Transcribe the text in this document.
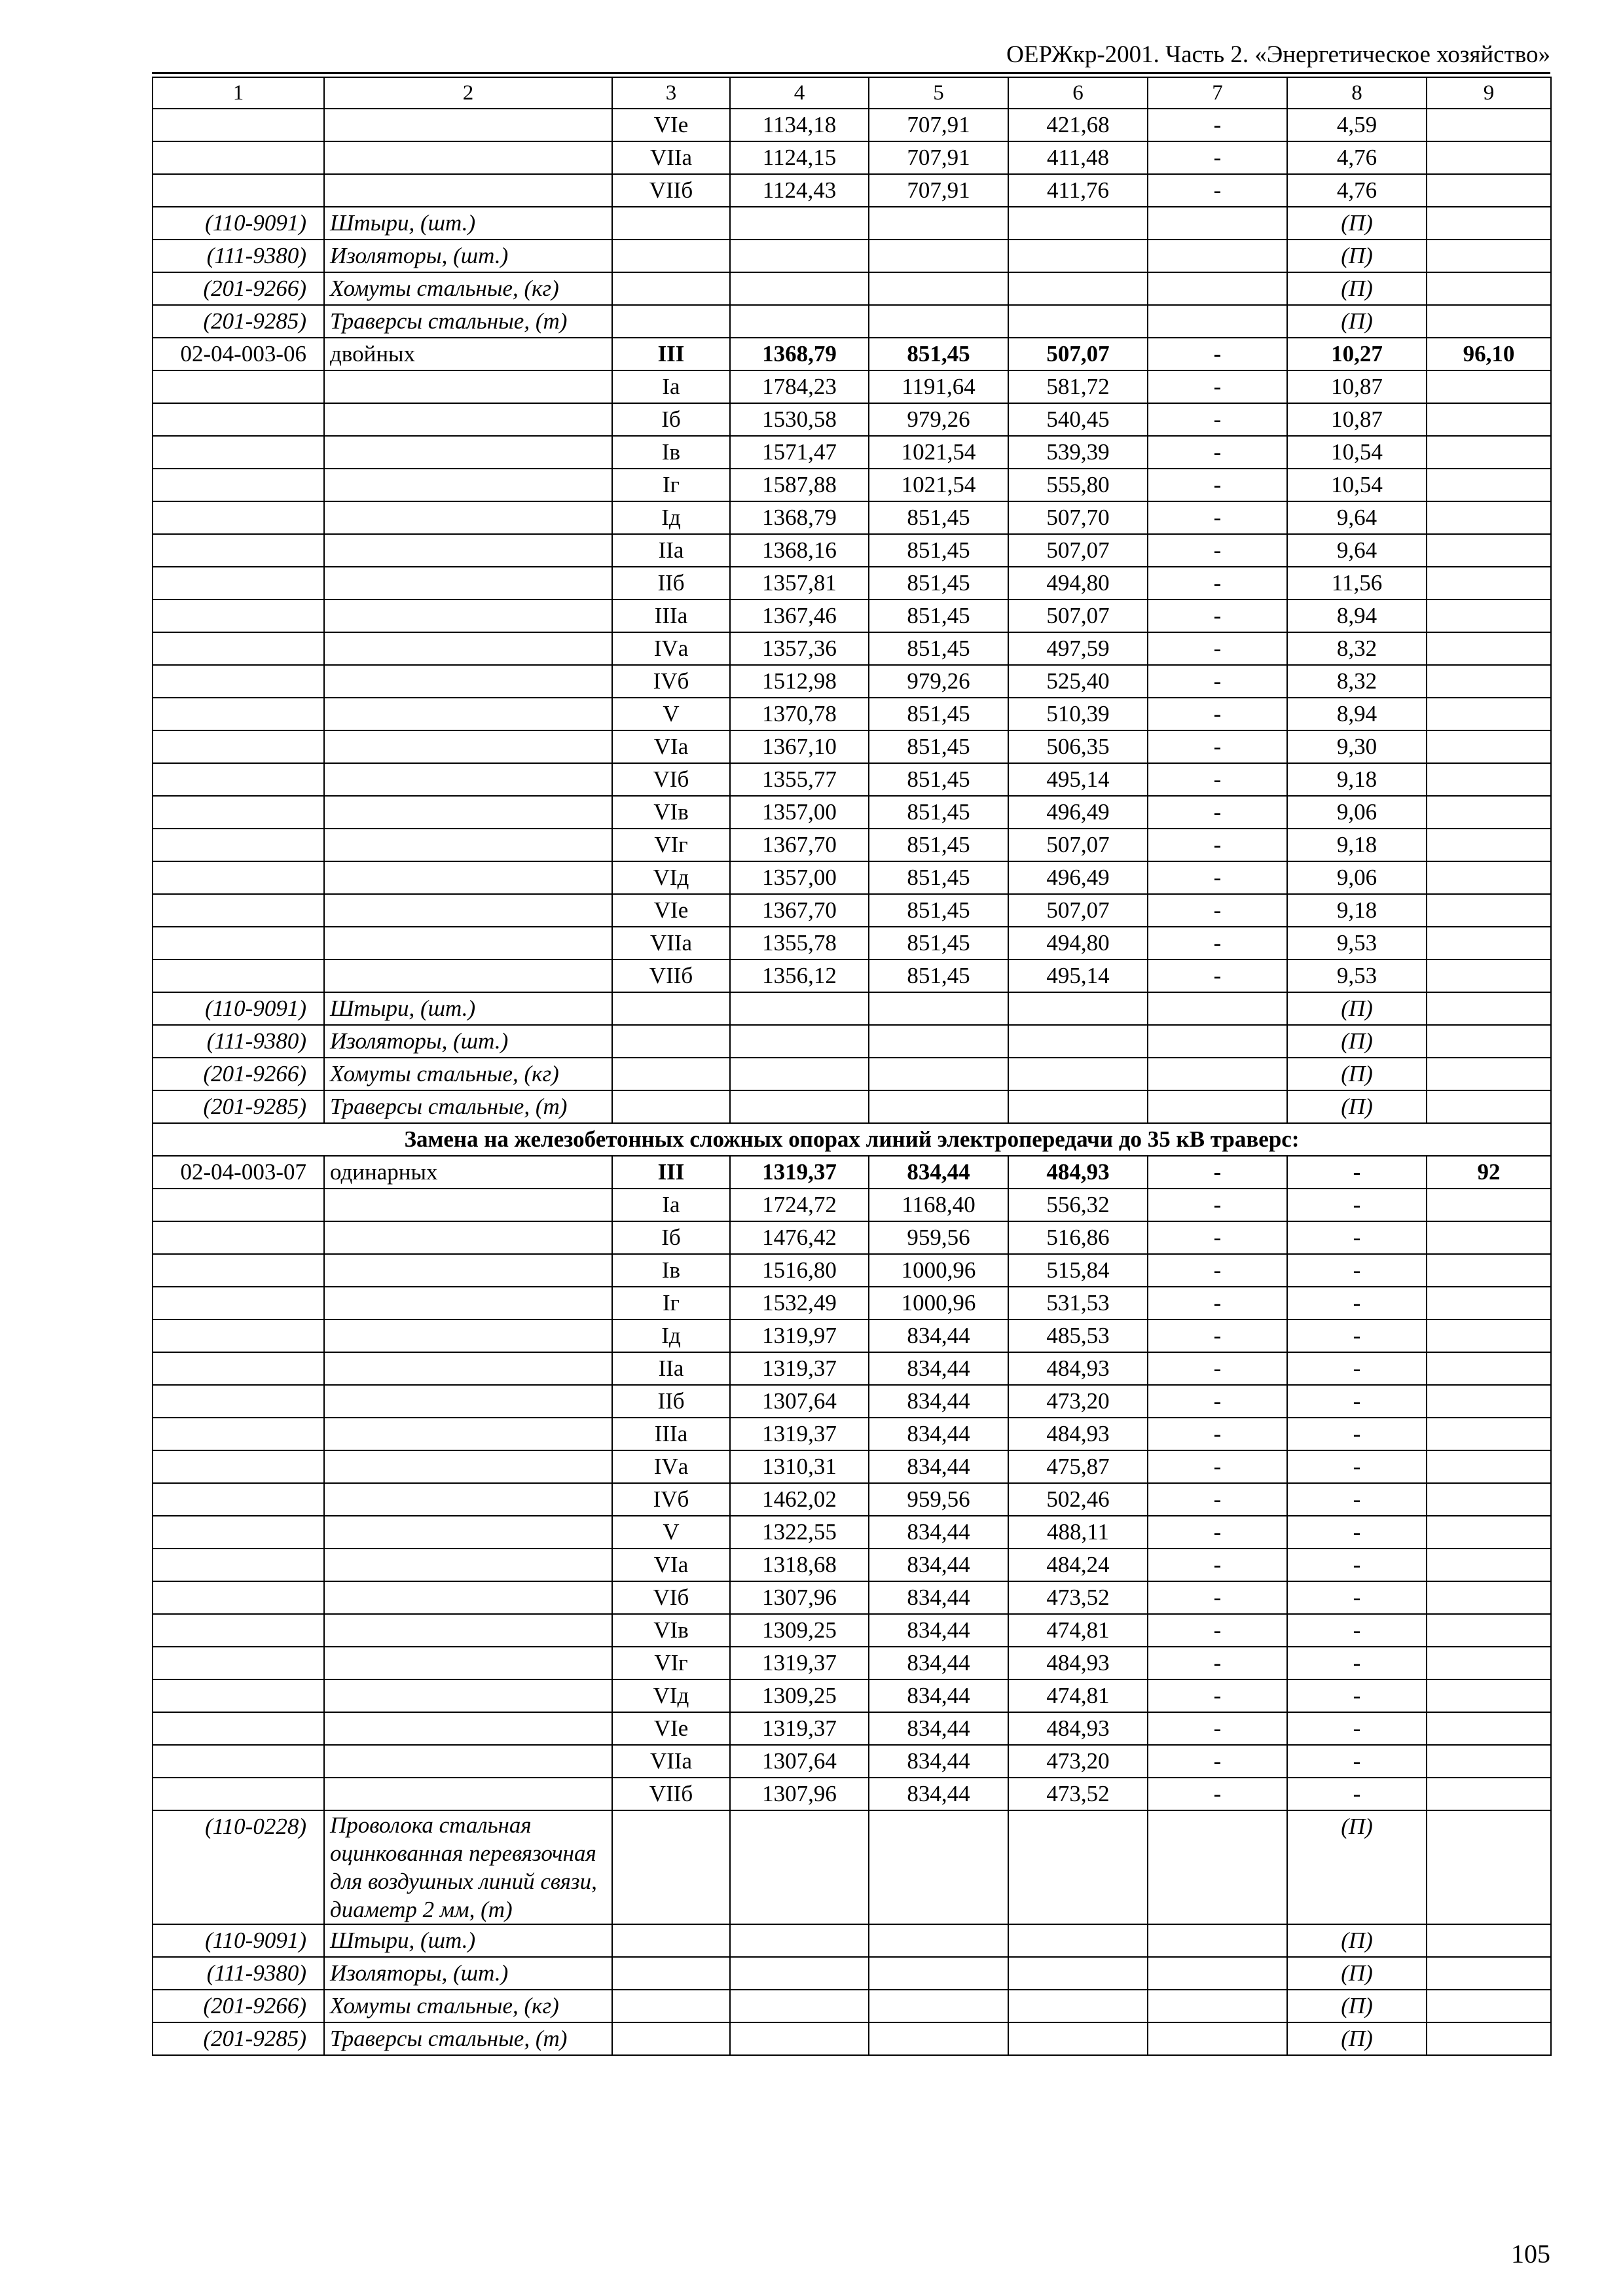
ОЕРЖкр-2001. Часть 2. «Энергетическое хозяйство»
1	2	3	4	5	6	7	8	9
		VIе	1134,18	707,91	421,68	-	4,59	
		VIIа	1124,15	707,91	411,48	-	4,76	
		VIIб	1124,43	707,91	411,76	-	4,76	
(110-9091)	Штыри, (шт.)						(П)	
(111-9380)	Изоляторы, (шт.)						(П)	
(201-9266)	Хомуты стальные, (кг)						(П)	
(201-9285)	Траверсы стальные, (т)						(П)	
02-04-003-06	двойных	III	1368,79	851,45	507,07	-	10,27	96,10
		Iа	1784,23	1191,64	581,72	-	10,87	
		Iб	1530,58	979,26	540,45	-	10,87	
		Iв	1571,47	1021,54	539,39	-	10,54	
		Iг	1587,88	1021,54	555,80	-	10,54	
		Iд	1368,79	851,45	507,70	-	9,64	
		IIа	1368,16	851,45	507,07	-	9,64	
		IIб	1357,81	851,45	494,80	-	11,56	
		IIIа	1367,46	851,45	507,07	-	8,94	
		IVа	1357,36	851,45	497,59	-	8,32	
		IVб	1512,98	979,26	525,40	-	8,32	
		V	1370,78	851,45	510,39	-	8,94	
		VIа	1367,10	851,45	506,35	-	9,30	
		VIб	1355,77	851,45	495,14	-	9,18	
		VIв	1357,00	851,45	496,49	-	9,06	
		VIг	1367,70	851,45	507,07	-	9,18	
		VIд	1357,00	851,45	496,49	-	9,06	
		VIе	1367,70	851,45	507,07	-	9,18	
		VIIа	1355,78	851,45	494,80	-	9,53	
		VIIб	1356,12	851,45	495,14	-	9,53	
(110-9091)	Штыри, (шт.)						(П)	
(111-9380)	Изоляторы, (шт.)						(П)	
(201-9266)	Хомуты стальные, (кг)						(П)	
(201-9285)	Траверсы стальные, (т)						(П)	
Замена на железобетонных сложных опорах линий электропередачи до 35 кВ траверс:								
02-04-003-07	одинарных	III	1319,37	834,44	484,93	-	-	92
		Iа	1724,72	1168,40	556,32	-	-	
		Iб	1476,42	959,56	516,86	-	-	
		Iв	1516,80	1000,96	515,84	-	-	
		Iг	1532,49	1000,96	531,53	-	-	
		Iд	1319,97	834,44	485,53	-	-	
		IIа	1319,37	834,44	484,93	-	-	
		IIб	1307,64	834,44	473,20	-	-	
		IIIа	1319,37	834,44	484,93	-	-	
		IVа	1310,31	834,44	475,87	-	-	
		IVб	1462,02	959,56	502,46	-	-	
		V	1322,55	834,44	488,11	-	-	
		VIа	1318,68	834,44	484,24	-	-	
		VIб	1307,96	834,44	473,52	-	-	
		VIв	1309,25	834,44	474,81	-	-	
		VIг	1319,37	834,44	484,93	-	-	
		VIд	1309,25	834,44	474,81	-	-	
		VIе	1319,37	834,44	484,93	-	-	
		VIIа	1307,64	834,44	473,20	-	-	
		VIIб	1307,96	834,44	473,52	-	-	
(110-0228)	Проволока стальная оцинкованная перевязочная для воздушных линий связи, диаметр 2 мм, (т)						(П)	
(110-9091)	Штыри, (шт.)						(П)	
(111-9380)	Изоляторы, (шт.)						(П)	
(201-9266)	Хомуты стальные, (кг)						(П)	
(201-9285)	Траверсы стальные, (т)						(П)	
105
